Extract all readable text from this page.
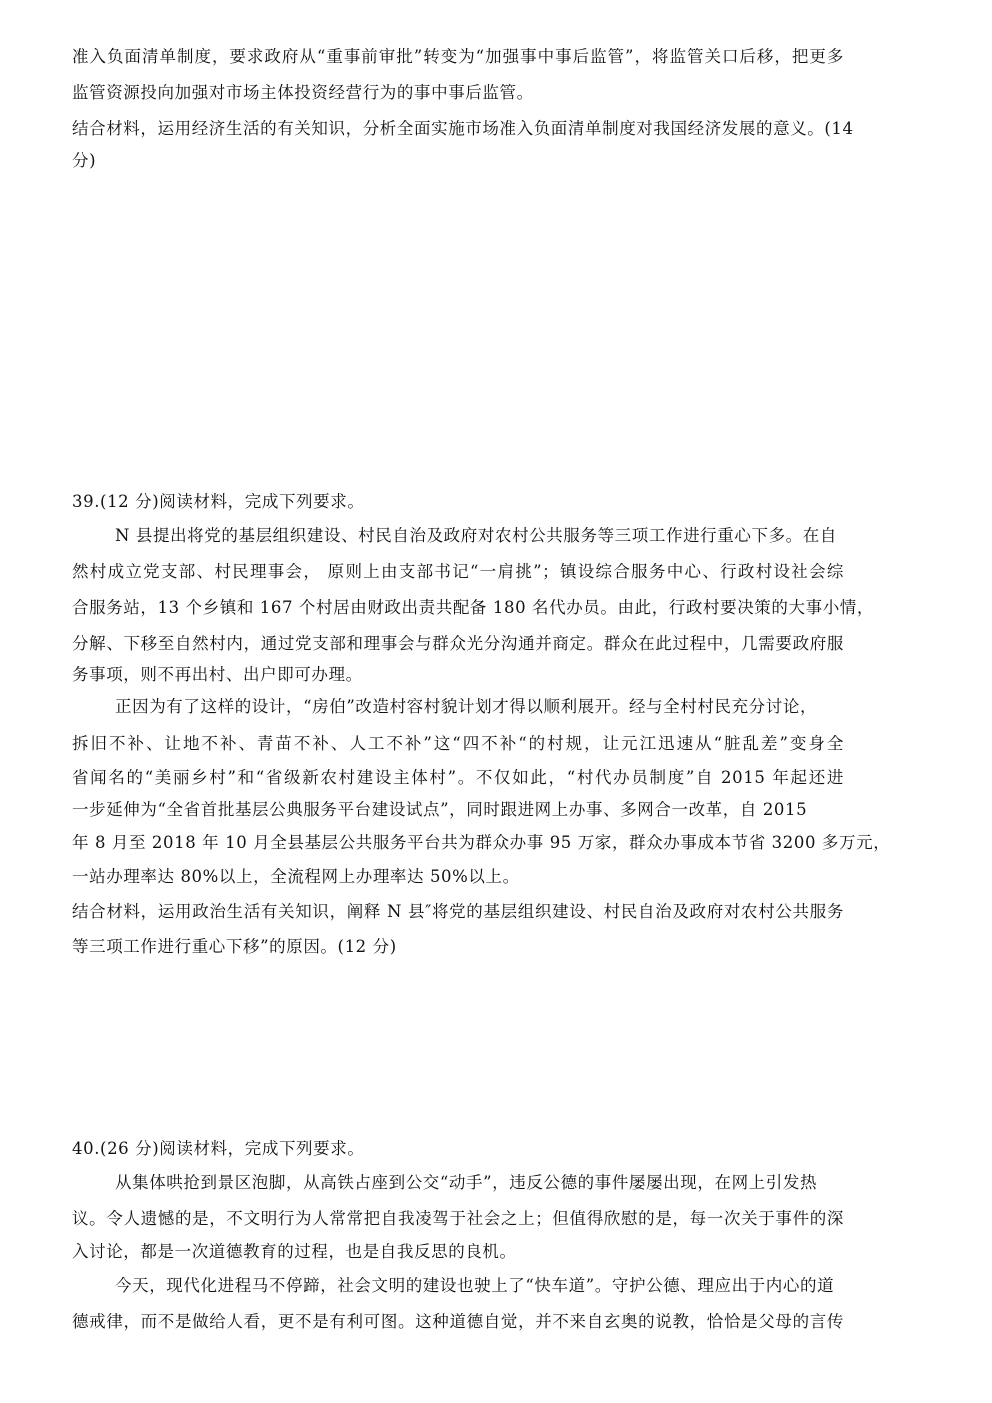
准入负面清单制度，要求政府从“重事前审批”转变为“加强事中事后监管”，将监管关口后移，把更多
监管资源投向加强对市场主体投资经营行为的事中事后监管。
结合材料，运用经济生活的有关知识，分析全面实施市场准入负面清单制度对我国经济发展的意义。(14
分)
39.(12 分)阅读材料，完成下列要求。
N 县提出将党的基层组织建设、村民自治及政府对农村公共服务等三项工作进行重心下多。在自
然村成立党支部、村民理事会， 原则上由支部书记“一肩挑”；镇设综合服务中心、行政村设社会综
合服务站，13 个乡镇和 167 个村居由财政出责共配备 180 名代办员。由此，行政村要决策的大事小情，
分解、下移至自然村内，通过党支部和理事会与群众光分沟通并商定。群众在此过程中，几需要政府服
务事项，则不再出村、出户即可办理。
正因为有了这样的设计，“房伯”改造村容村貌计划才得以顺利展开。经与全村村民充分讨论，
拆旧不补、让地不补、青苗不补、人工不补”这“四不补“的村规，让元江迅速从“脏乱差”变身全
省闻名的“美丽乡村”和“省级新农村建设主体村”。不仅如此，“村代办员制度”自 2015 年起还进
一步延伸为“全省首批基层公典服务平台建设试点”，同时跟进网上办事、多网合一改革，自 2015
年 8 月至 2018 年 10 月全县基层公共服务平台共为群众办事 95 万家，群众办事成本节省 3200 多万元，
一站办理率达 80%以上，全流程网上办理率达 50%以上。
结合材料，运用政治生活有关知识，阐释 N 县″将党的基层组织建设、村民自治及政府对农村公共服务
等三项工作进行重心下移”的原因。(12 分)
40.(26 分)阅读材料，完成下列要求。
从集体哄抢到景区泡脚，从高铁占座到公交“动手”，违反公德的事件屡屡出现，在网上引发热
议。令人遗憾的是，不文明行为人常常把自我凌驾于社会之上；但值得欣慰的是，每一次关于事件的深
入讨论，都是一次道德教育的过程，也是自我反思的良机。
今天，现代化进程马不停蹄，社会文明的建设也驶上了“快车道”。守护公德、理应出于内心的道
德戒律，而不是做给人看，更不是有利可图。这种道德自觉，并不来自玄奥的说教，恰恰是父母的言传
